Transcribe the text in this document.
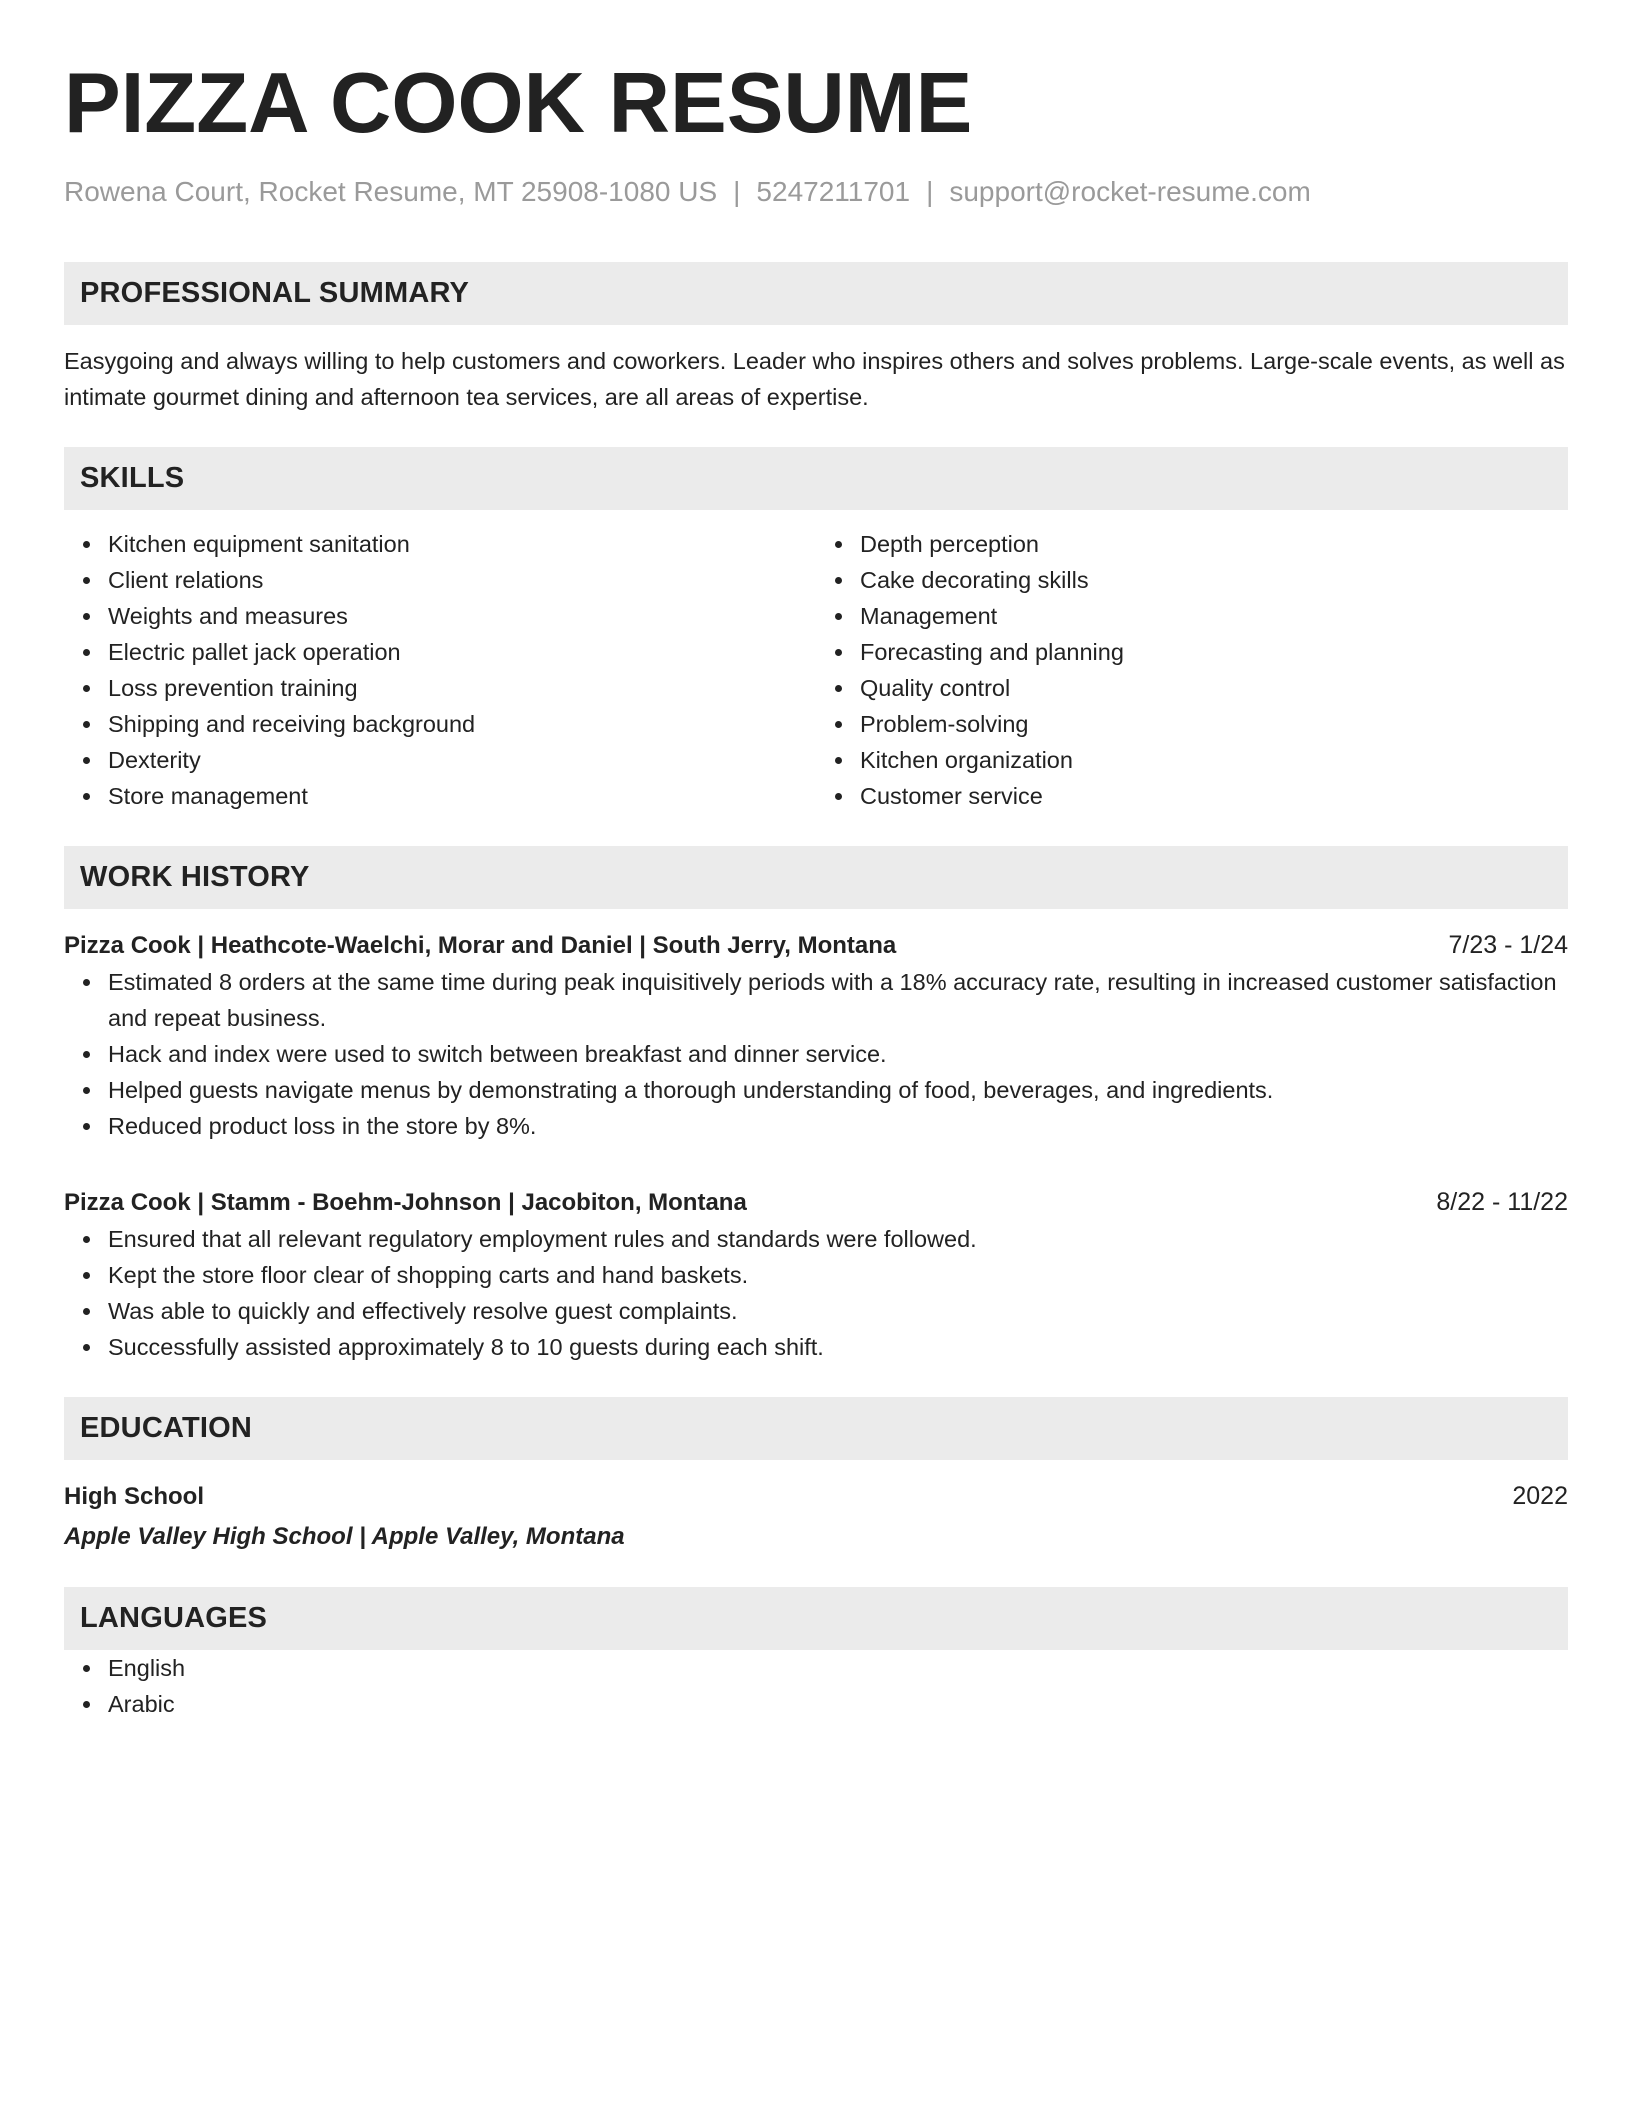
PIZZA COOK RESUME
Rowena Court, Rocket Resume, MT 25908-1080 US | 5247211701 | support@rocket-resume.com
PROFESSIONAL SUMMARY

Easygoing and always willing to help customers and coworkers. Leader who inspires others and solves problems. Large-scale events, as well as intimate gourmet dining and afternoon tea services, are all areas of expertise.

SKILLS
Kitchen equipment sanitation
Client relations
Weights and measures
Electric pallet jack operation
Loss prevention training
Shipping and receiving background
Dexterity
Store management
Depth perception
Cake decorating skills
Management
Forecasting and planning
Quality control
Problem-solving
Kitchen organization
Customer service
WORK HISTORY
Pizza Cook | Heathcote-Waelchi, Morar and Daniel | South Jerry, Montana	7/23 - 1/24
Estimated 8 orders at the same time during peak inquisitively periods with a 18% accuracy rate, resulting in increased customer satisfaction and repeat business.
Hack and index were used to switch between breakfast and dinner service.
Helped guests navigate menus by demonstrating a thorough understanding of food, beverages, and ingredients.
Reduced product loss in the store by 8%.
Pizza Cook | Stamm - Boehm-Johnson | Jacobiton, Montana	8/22 - 11/22
Ensured that all relevant regulatory employment rules and standards were followed.
Kept the store floor clear of shopping carts and hand baskets.
Was able to quickly and effectively resolve guest complaints.
Successfully assisted approximately 8 to 10 guests during each shift.
EDUCATION
High School	2022
Apple Valley High School | Apple Valley, Montana
LANGUAGES
English
Arabic
